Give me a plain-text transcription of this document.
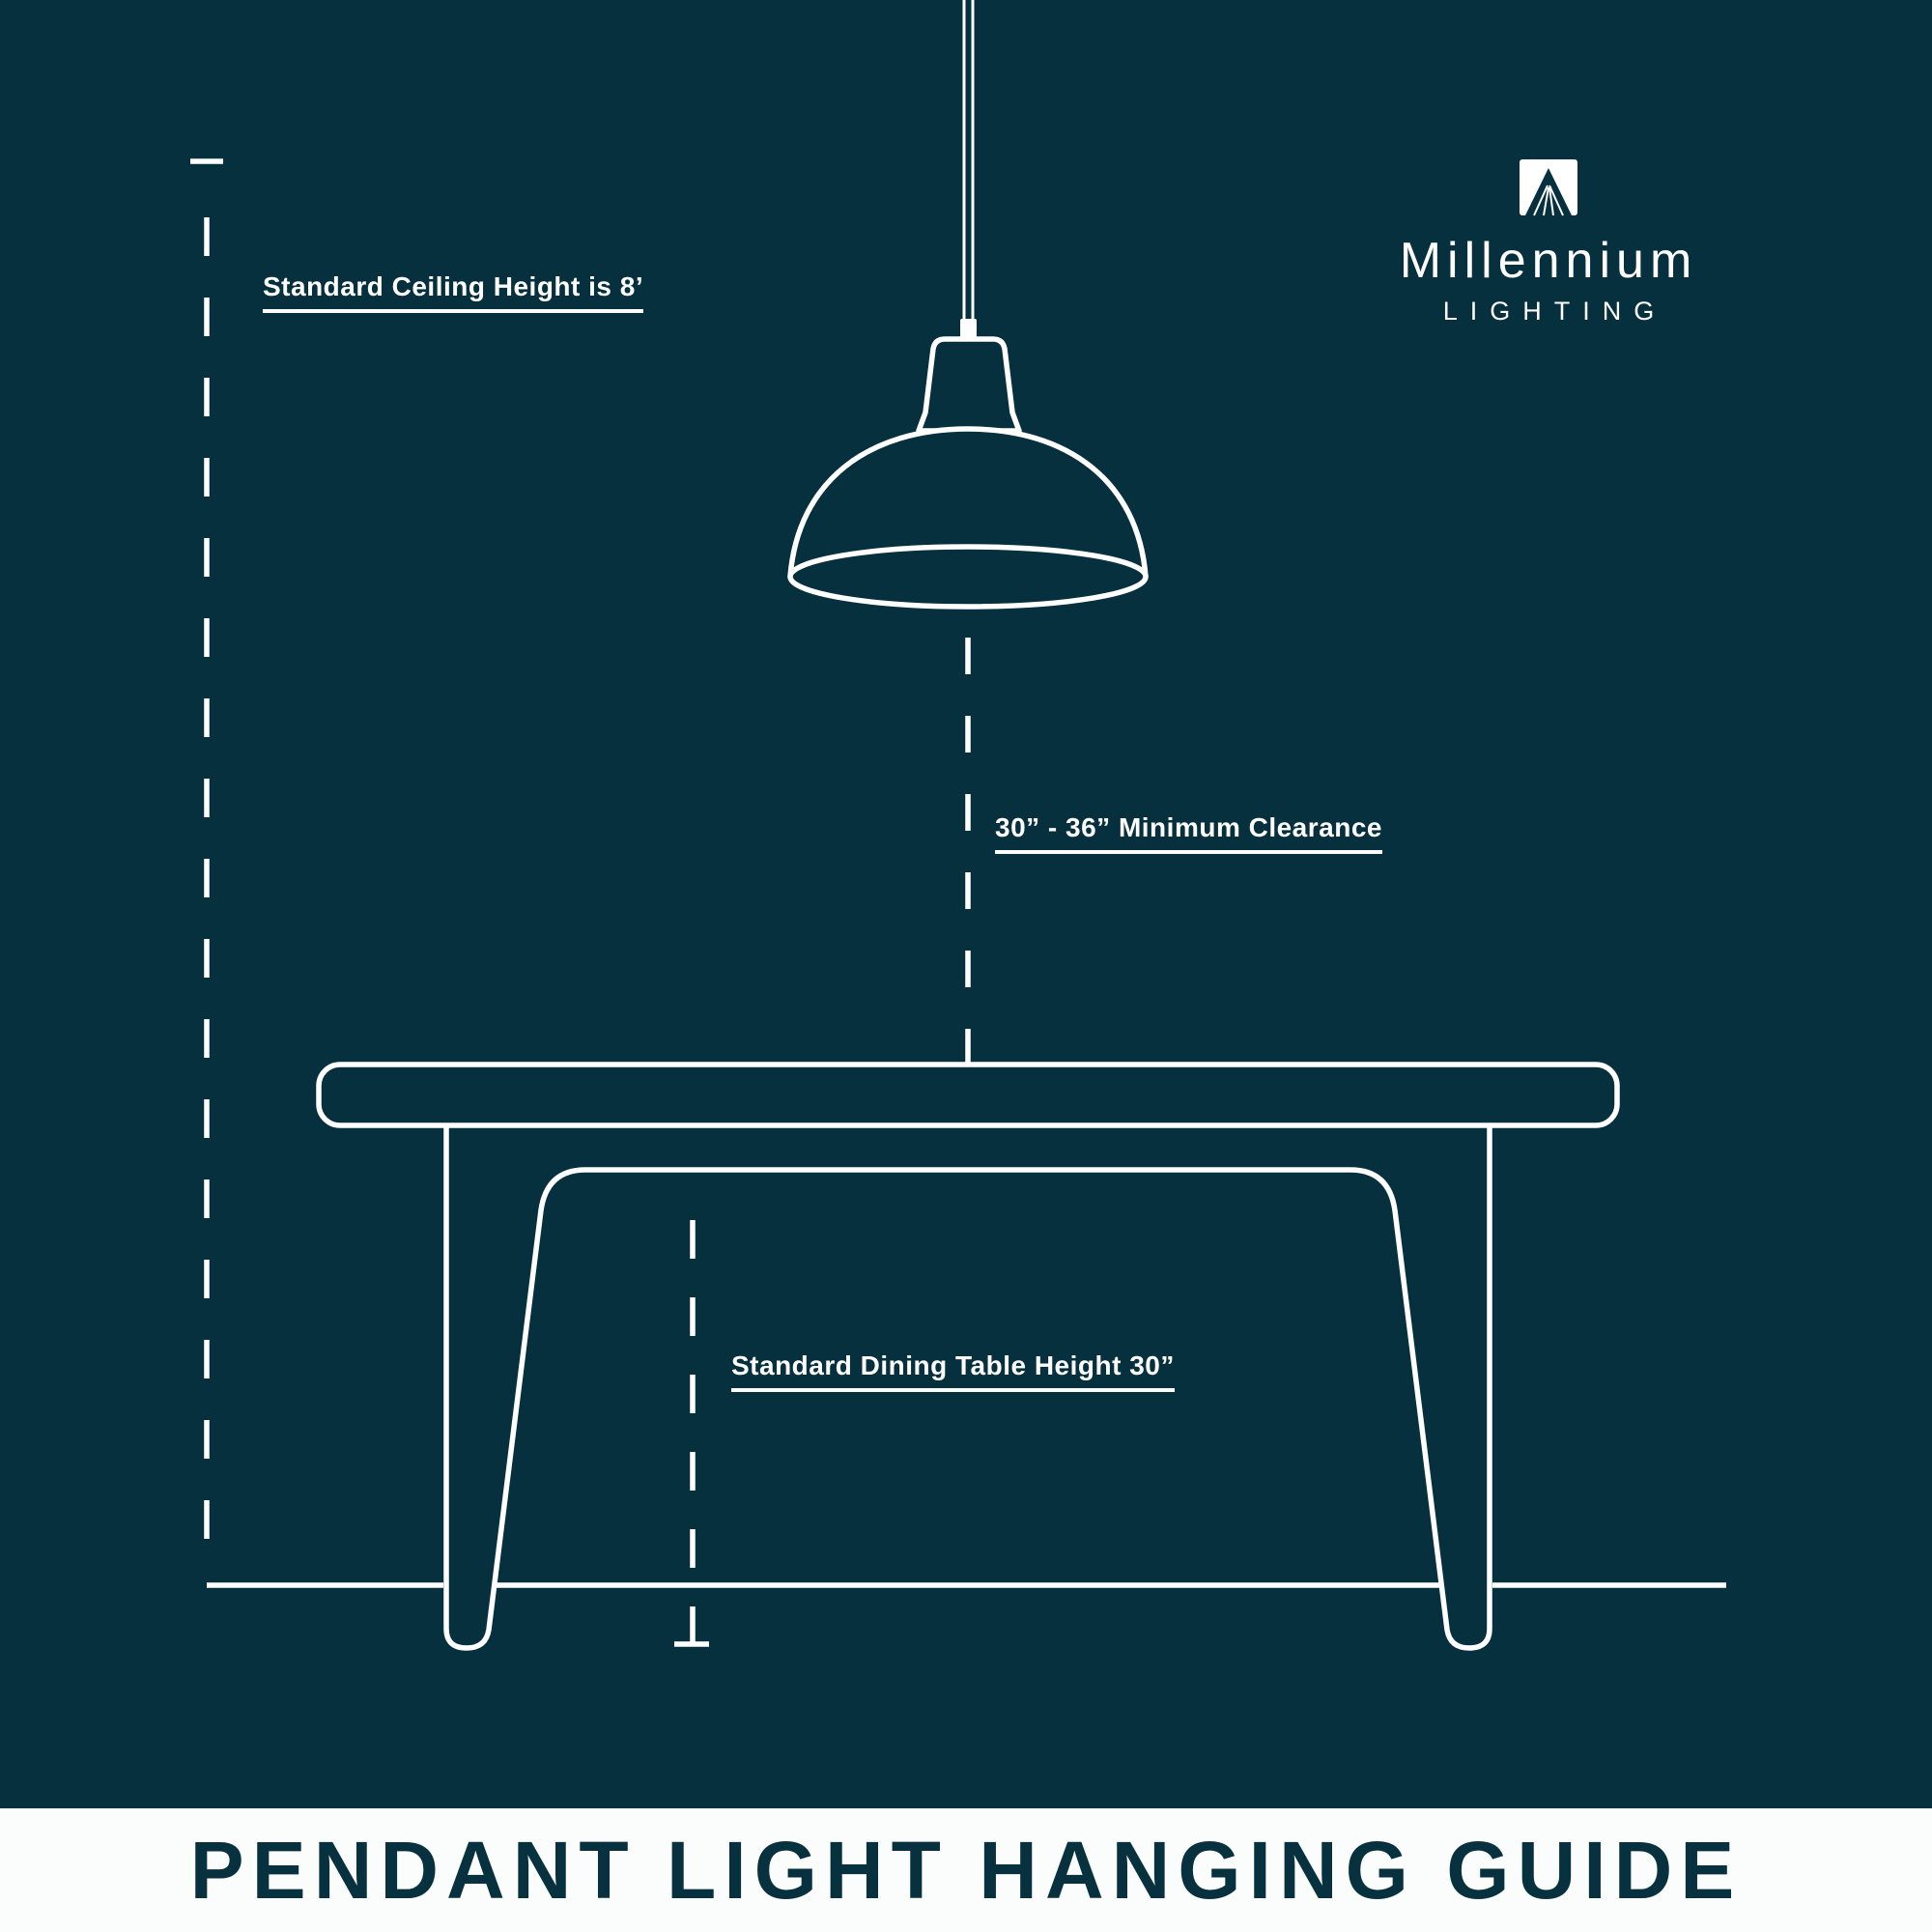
Standard Ceiling Height is 8’
30” - 36” Minimum Clearance
Standard Dining Table Height 30”
Millennium
LIGHTING
PENDANT LIGHT HANGING GUIDE
